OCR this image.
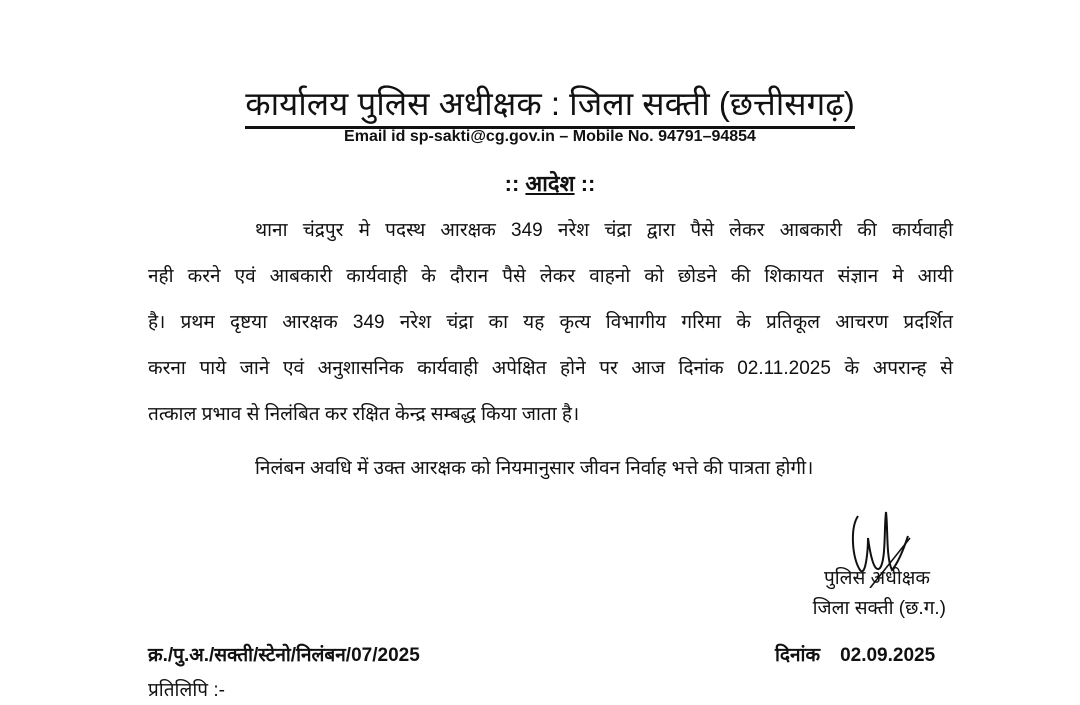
कार्यालय पुलिस अधीक्षक : जिला सक्ती (छत्तीसगढ़)
Email id sp-sakti@cg.gov.in – Mobile No. 94791–94854
:: आदेश ::
थाना चंद्रपुर मे पदस्थ आरक्षक 349 नरेश चंद्रा द्वारा पैसे लेकर आबकारी की कार्यवाही
नही करने एवं आबकारी कार्यवाही के दौरान पैसे लेकर वाहनो को छोडने की शिकायत संज्ञान मे आयी
है। प्रथम दृष्टया आरक्षक 349 नरेश चंद्रा का यह कृत्य विभागीय गरिमा के प्रतिकूल आचरण प्रदर्शित
करना पाये जाने एवं अनुशासनिक कार्यवाही अपेक्षित होने पर आज दिनांक 02.11.2025 के अपरान्ह से
तत्काल प्रभाव से निलंबित कर रक्षित केन्द्र सम्बद्ध किया जाता है।
निलंबन अवधि में उक्त आरक्षक को नियमानुसार जीवन निर्वाह भत्ते की पात्रता होगी।
पुलिस अधीक्षक
जिला सक्ती (छ.ग.)
क्र./पु.अ./सक्ती/स्टेनो/निलंबन/07/2025	दिनांक 02.09.2025
प्रतिलिपि :-
